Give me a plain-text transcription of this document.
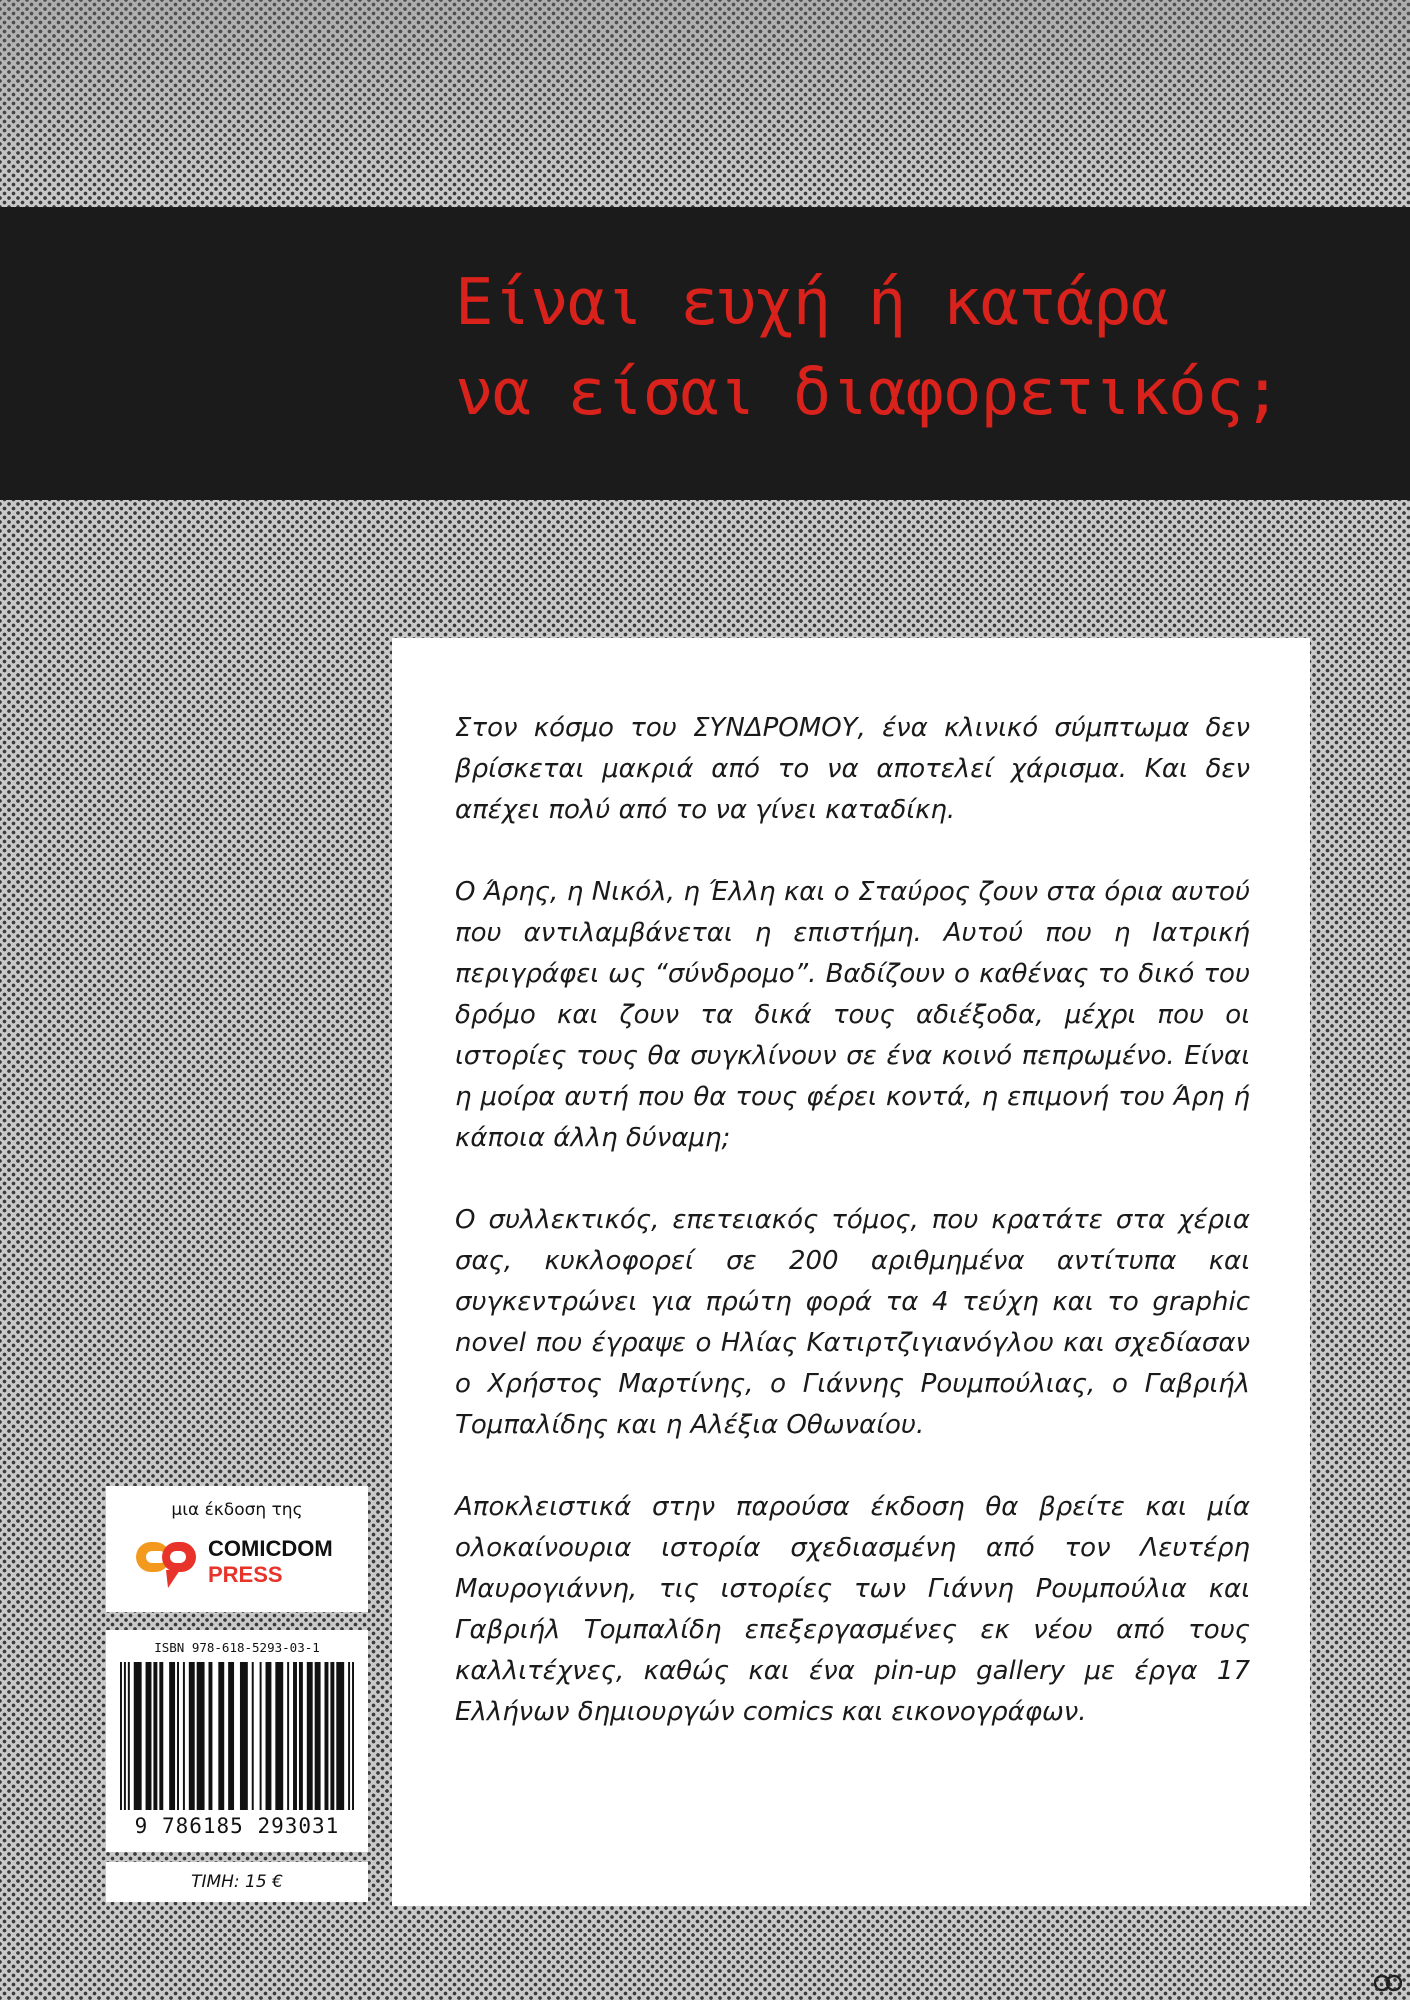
Είναι ευχή ή κατάρα
να είσαι διαφορετικός;

Στον κόσμο του ΣΥΝΔΡΟΜΟΥ, ένα κλινικό σύμπτωμα δεν βρίσκεται μακριά από το να αποτελεί χάρισμα. Και δεν απέχει πολύ από το να γίνει καταδίκη.

Ο Άρης, η Νικόλ, η Έλλη και ο Σταύρος ζουν στα όρια αυτού που αντιλαμβάνεται η επιστήμη. Αυτού που η Ιατρική περιγράφει ως “σύνδρομο”. Βαδίζουν ο καθένας το δικό του δρόμο και ζουν τα δικά τους αδιέξοδα, μέχρι που οι ιστορίες τους θα συγκλίνουν σε ένα κοινό πεπρωμένο. Είναι η μοίρα αυτή που θα τους φέρει κοντά, η επιμονή του Άρη ή κάποια άλλη δύναμη;

Ο συλλεκτικός, επετειακός τόμος, που κρατάτε στα χέρια σας, κυκλοφορεί σε 200 αριθμημένα αντίτυπα και συγκεντρώνει για πρώτη φορά τα 4 τεύχη και το graphic novel που έγραψε ο Ηλίας Κατιρτζιγιανόγλου και σχεδίασαν ο Χρήστος Μαρτίνης, ο Γιάννης Ρουμπούλιας, ο Γαβριήλ Τομπαλίδης και η Αλέξια Οθωναίου.

Αποκλειστικά στην παρούσα έκδοση θα βρείτε και μία ολοκαίνουρια ιστορία σχεδιασμένη από τον Λευτέρη Μαυρογιάννη, τις ιστορίες των Γιάννη Ρουμπούλια και Γαβριήλ Τομπαλίδη επεξεργασμένες εκ νέου από τους καλλιτέχνες, καθώς και ένα pin-up gallery με έργα 17 Ελλήνων δημιουργών comics και εικονογράφων.

μια έκδοση της
COMICDOM
PRESS
ISBN 978-618-5293-03-1
9 786185 293031
ΤΙΜΗ: 15 €
